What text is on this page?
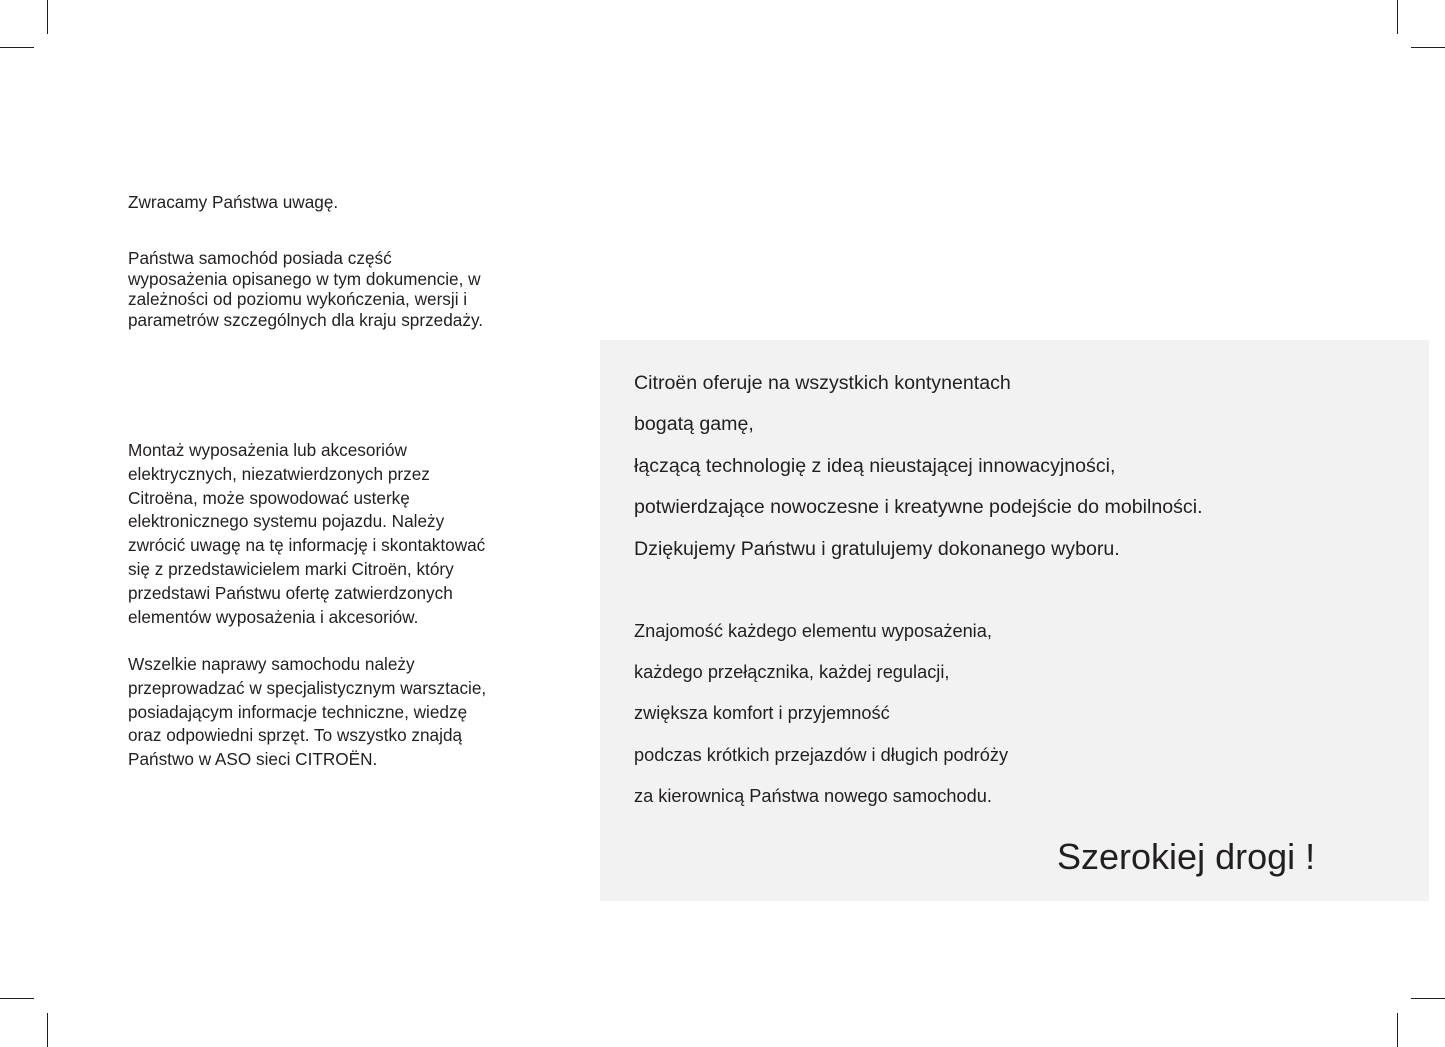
Zwracamy Państwa uwagę.

Państwa samochód posiada część
wyposażenia opisanego w tym dokumencie, w
zależności od poziomu wykończenia, wersji i
parametrów szczególnych dla kraju sprzedaży.

Montaż wyposażenia lub akcesoriów
elektrycznych, niezatwierdzonych przez
Citroëna, może spowodować usterkę
elektronicznego systemu pojazdu. Należy
zwrócić uwagę na tę informację i skontaktować
się z przedstawicielem marki Citroën, który
przedstawi Państwu ofertę zatwierdzonych
elementów wyposażenia i akcesoriów.

Wszelkie naprawy samochodu należy
przeprowadzać w specjalistycznym warsztacie,
posiadającym informacje techniczne, wiedzę
oraz odpowiedni sprzęt. To wszystko znajdą
Państwo w ASO sieci CITROËN.

Citroën oferuje na wszystkich kontynentach

bogatą gamę,

łączącą technologię z ideą nieustającej innowacyjności,

potwierdzające nowoczesne i kreatywne podejście do mobilności.

Dziękujemy Państwu i gratulujemy dokonanego wyboru.

Znajomość każdego elementu wyposażenia,

każdego przełącznika, każdej regulacji,

zwiększa komfort i przyjemność

podczas krótkich przejazdów i długich podróży

za kierownicą Państwa nowego samochodu.

Szerokiej drogi !
